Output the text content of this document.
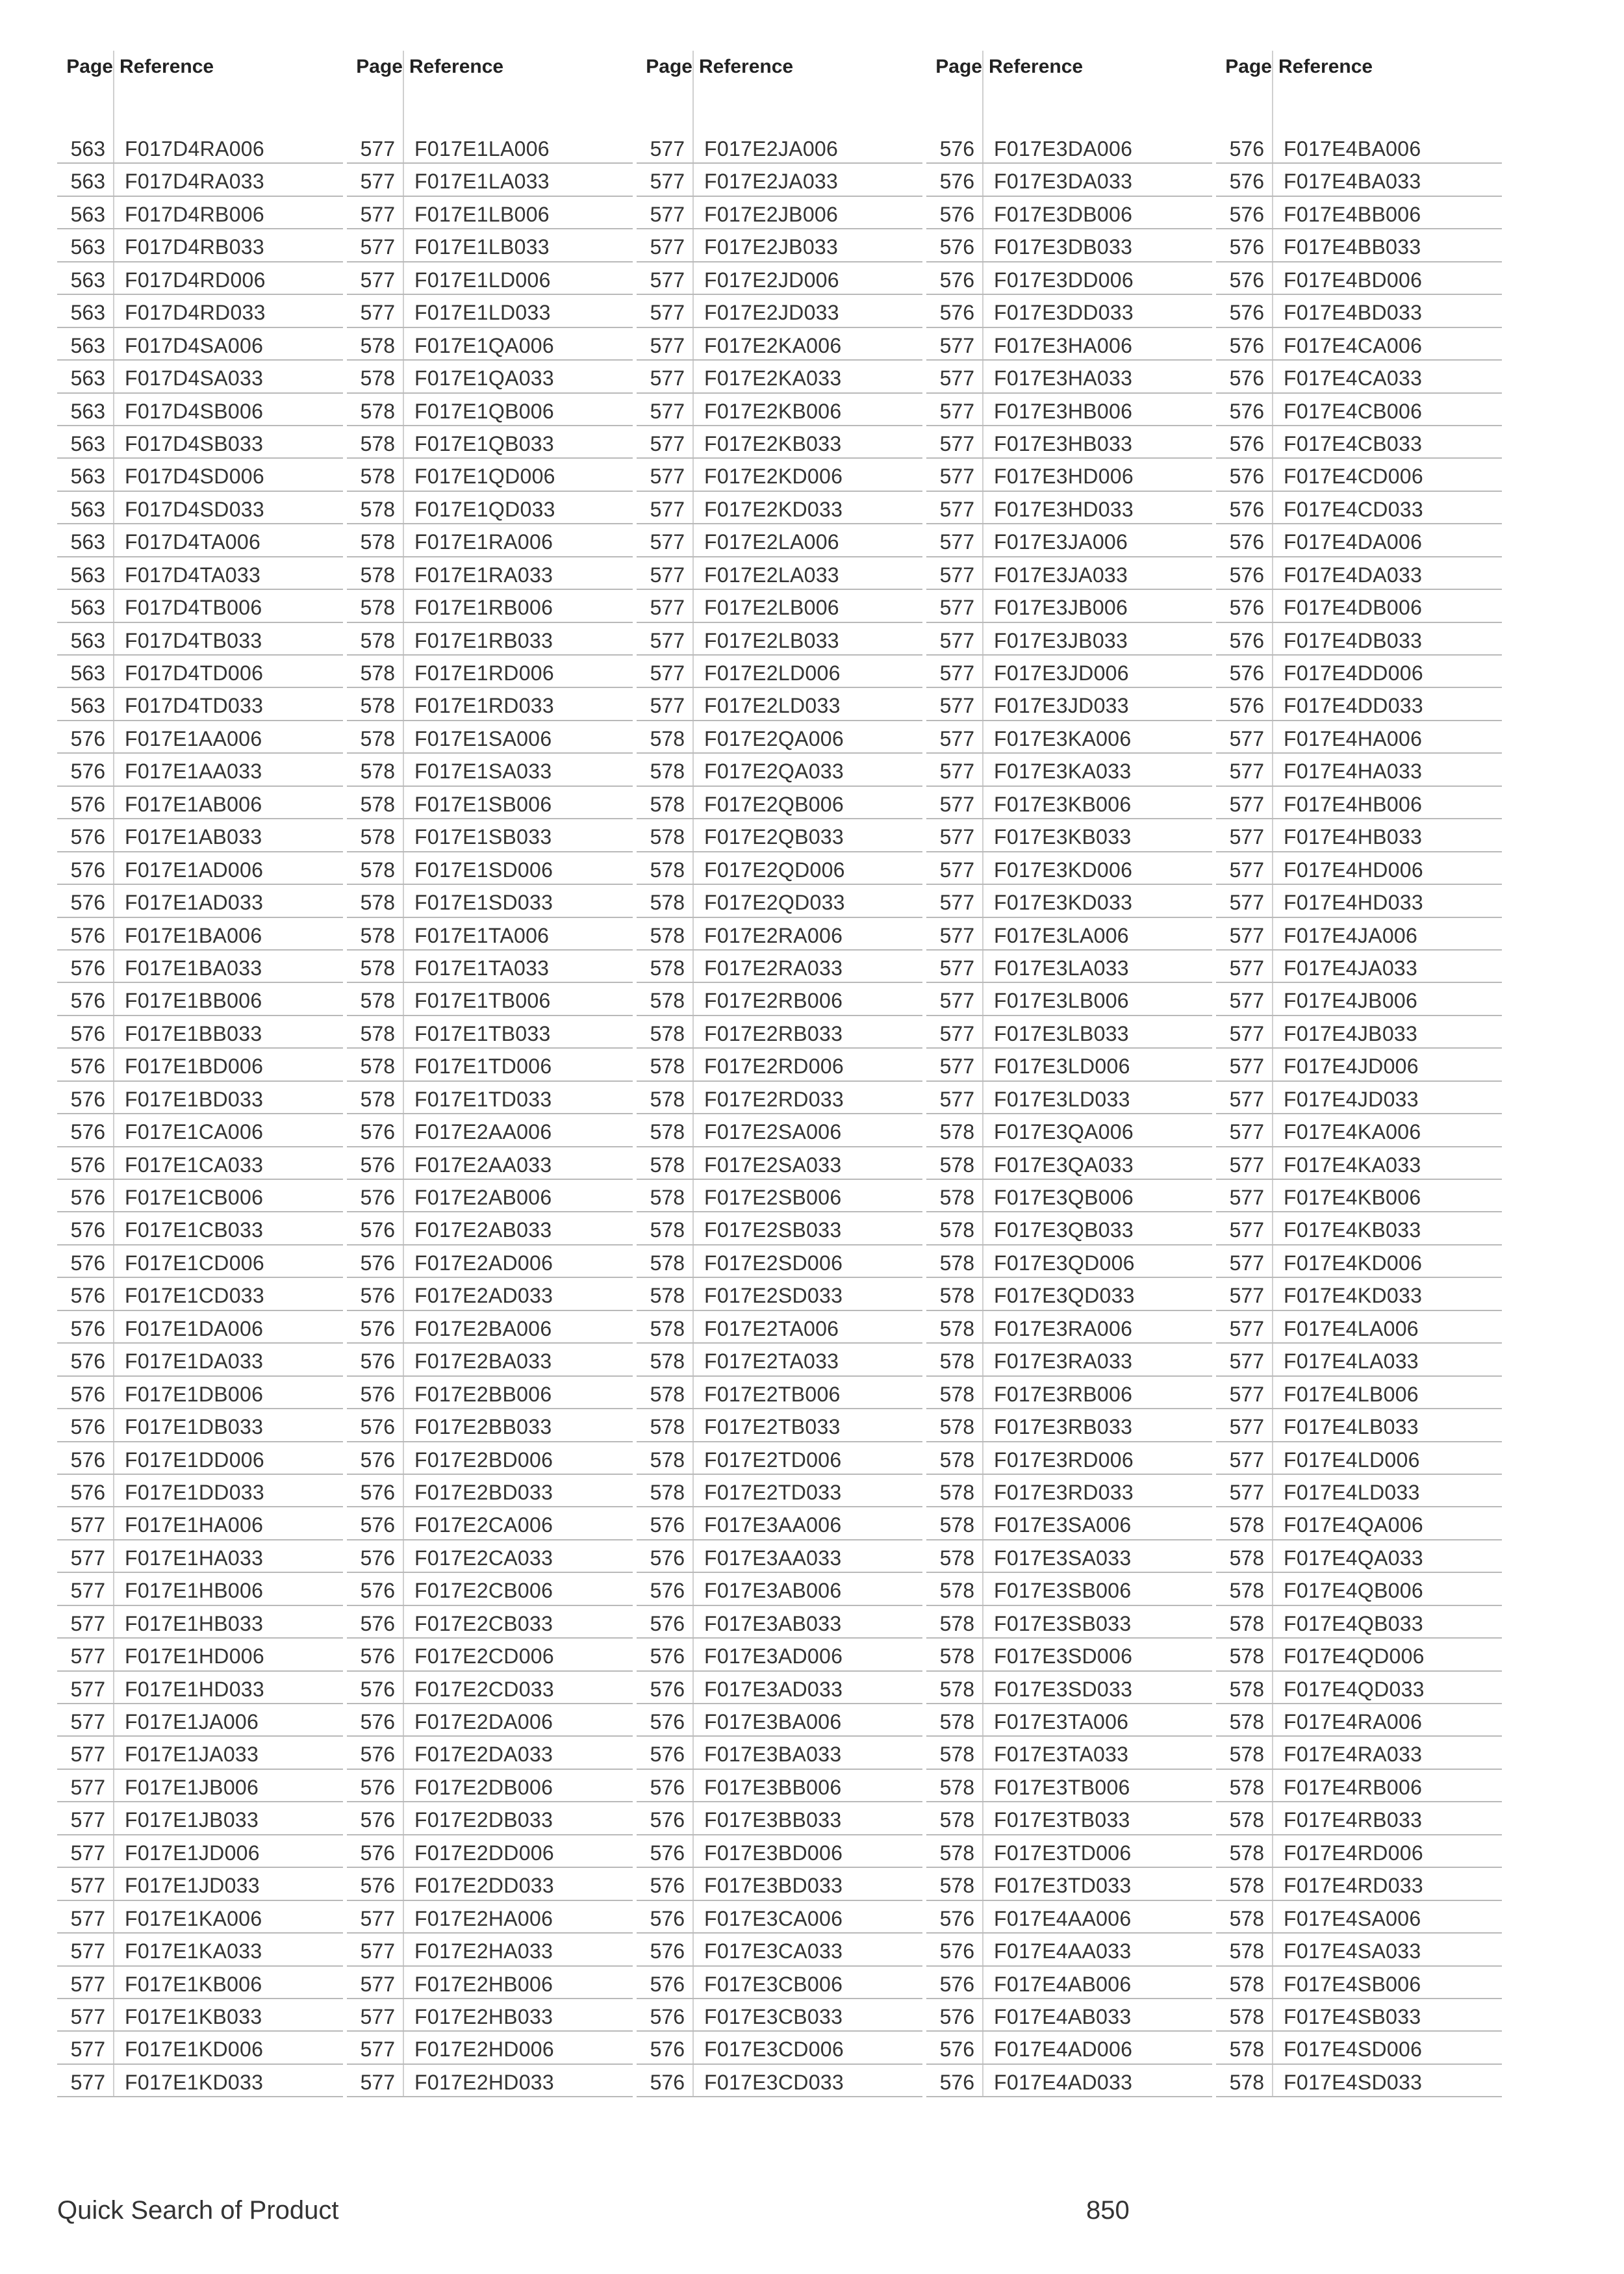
Page Reference
563 F017D4RA006
563 F017D4RA033
563 F017D4RB006
563 F017D4RB033
563 F017D4RD006
563 F017D4RD033
563 F017D4SA006
563 F017D4SA033
563 F017D4SB006
563 F017D4SB033
563 F017D4SD006
563 F017D4SD033
563 F017D4TA006
563 F017D4TA033
563 F017D4TB006
563 F017D4TB033
563 F017D4TD006
563 F017D4TD033
576 F017E1AA006
576 F017E1AA033
576 F017E1AB006
576 F017E1AB033
576 F017E1AD006
576 F017E1AD033
576 F017E1BA006
576 F017E1BA033
576 F017E1BB006
576 F017E1BB033
576 F017E1BD006
576 F017E1BD033
576 F017E1CA006
576 F017E1CA033
576 F017E1CB006
576 F017E1CB033
576 F017E1CD006
576 F017E1CD033
576 F017E1DA006
576 F017E1DA033
576 F017E1DB006
576 F017E1DB033
576 F017E1DD006
576 F017E1DD033
577 F017E1HA006
577 F017E1HA033
577 F017E1HB006
577 F017E1HB033
577 F017E1HD006
577 F017E1HD033
577 F017E1JA006
577 F017E1JA033
577 F017E1JB006
577 F017E1JB033
577 F017E1JD006
577 F017E1JD033
577 F017E1KA006
577 F017E1KA033
577 F017E1KB006
577 F017E1KB033
577 F017E1KD006
577 F017E1KD033
Page Reference
577 F017E1LA006
577 F017E1LA033
577 F017E1LB006
577 F017E1LB033
577 F017E1LD006
577 F017E1LD033
578 F017E1QA006
578 F017E1QA033
578 F017E1QB006
578 F017E1QB033
578 F017E1QD006
578 F017E1QD033
578 F017E1RA006
578 F017E1RA033
578 F017E1RB006
578 F017E1RB033
578 F017E1RD006
578 F017E1RD033
578 F017E1SA006
578 F017E1SA033
578 F017E1SB006
578 F017E1SB033
578 F017E1SD006
578 F017E1SD033
578 F017E1TA006
578 F017E1TA033
578 F017E1TB006
578 F017E1TB033
578 F017E1TD006
578 F017E1TD033
576 F017E2AA006
576 F017E2AA033
576 F017E2AB006
576 F017E2AB033
576 F017E2AD006
576 F017E2AD033
576 F017E2BA006
576 F017E2BA033
576 F017E2BB006
576 F017E2BB033
576 F017E2BD006
576 F017E2BD033
576 F017E2CA006
576 F017E2CA033
576 F017E2CB006
576 F017E2CB033
576 F017E2CD006
576 F017E2CD033
576 F017E2DA006
576 F017E2DA033
576 F017E2DB006
576 F017E2DB033
576 F017E2DD006
576 F017E2DD033
577 F017E2HA006
577 F017E2HA033
577 F017E2HB006
577 F017E2HB033
577 F017E2HD006
577 F017E2HD033
Page Reference
577 F017E2JA006
577 F017E2JA033
577 F017E2JB006
577 F017E2JB033
577 F017E2JD006
577 F017E2JD033
577 F017E2KA006
577 F017E2KA033
577 F017E2KB006
577 F017E2KB033
577 F017E2KD006
577 F017E2KD033
577 F017E2LA006
577 F017E2LA033
577 F017E2LB006
577 F017E2LB033
577 F017E2LD006
577 F017E2LD033
578 F017E2QA006
578 F017E2QA033
578 F017E2QB006
578 F017E2QB033
578 F017E2QD006
578 F017E2QD033
578 F017E2RA006
578 F017E2RA033
578 F017E2RB006
578 F017E2RB033
578 F017E2RD006
578 F017E2RD033
578 F017E2SA006
578 F017E2SA033
578 F017E2SB006
578 F017E2SB033
578 F017E2SD006
578 F017E2SD033
578 F017E2TA006
578 F017E2TA033
578 F017E2TB006
578 F017E2TB033
578 F017E2TD006
578 F017E2TD033
576 F017E3AA006
576 F017E3AA033
576 F017E3AB006
576 F017E3AB033
576 F017E3AD006
576 F017E3AD033
576 F017E3BA006
576 F017E3BA033
576 F017E3BB006
576 F017E3BB033
576 F017E3BD006
576 F017E3BD033
576 F017E3CA006
576 F017E3CA033
576 F017E3CB006
576 F017E3CB033
576 F017E3CD006
576 F017E3CD033
Page Reference
576 F017E3DA006
576 F017E3DA033
576 F017E3DB006
576 F017E3DB033
576 F017E3DD006
576 F017E3DD033
577 F017E3HA006
577 F017E3HA033
577 F017E3HB006
577 F017E3HB033
577 F017E3HD006
577 F017E3HD033
577 F017E3JA006
577 F017E3JA033
577 F017E3JB006
577 F017E3JB033
577 F017E3JD006
577 F017E3JD033
577 F017E3KA006
577 F017E3KA033
577 F017E3KB006
577 F017E3KB033
577 F017E3KD006
577 F017E3KD033
577 F017E3LA006
577 F017E3LA033
577 F017E3LB006
577 F017E3LB033
577 F017E3LD006
577 F017E3LD033
578 F017E3QA006
578 F017E3QA033
578 F017E3QB006
578 F017E3QB033
578 F017E3QD006
578 F017E3QD033
578 F017E3RA006
578 F017E3RA033
578 F017E3RB006
578 F017E3RB033
578 F017E3RD006
578 F017E3RD033
578 F017E3SA006
578 F017E3SA033
578 F017E3SB006
578 F017E3SB033
578 F017E3SD006
578 F017E3SD033
578 F017E3TA006
578 F017E3TA033
578 F017E3TB006
578 F017E3TB033
578 F017E3TD006
578 F017E3TD033
576 F017E4AA006
576 F017E4AA033
576 F017E4AB006
576 F017E4AB033
576 F017E4AD006
576 F017E4AD033
Page Reference
576 F017E4BA006
576 F017E4BA033
576 F017E4BB006
576 F017E4BB033
576 F017E4BD006
576 F017E4BD033
576 F017E4CA006
576 F017E4CA033
576 F017E4CB006
576 F017E4CB033
576 F017E4CD006
576 F017E4CD033
576 F017E4DA006
576 F017E4DA033
576 F017E4DB006
576 F017E4DB033
576 F017E4DD006
576 F017E4DD033
577 F017E4HA006
577 F017E4HA033
577 F017E4HB006
577 F017E4HB033
577 F017E4HD006
577 F017E4HD033
577 F017E4JA006
577 F017E4JA033
577 F017E4JB006
577 F017E4JB033
577 F017E4JD006
577 F017E4JD033
577 F017E4KA006
577 F017E4KA033
577 F017E4KB006
577 F017E4KB033
577 F017E4KD006
577 F017E4KD033
577 F017E4LA006
577 F017E4LA033
577 F017E4LB006
577 F017E4LB033
577 F017E4LD006
577 F017E4LD033
578 F017E4QA006
578 F017E4QA033
578 F017E4QB006
578 F017E4QB033
578 F017E4QD006
578 F017E4QD033
578 F017E4RA006
578 F017E4RA033
578 F017E4RB006
578 F017E4RB033
578 F017E4RD006
578 F017E4RD033
578 F017E4SA006
578 F017E4SA033
578 F017E4SB006
578 F017E4SB033
578 F017E4SD006
578 F017E4SD033
Quick Search of Product	850
